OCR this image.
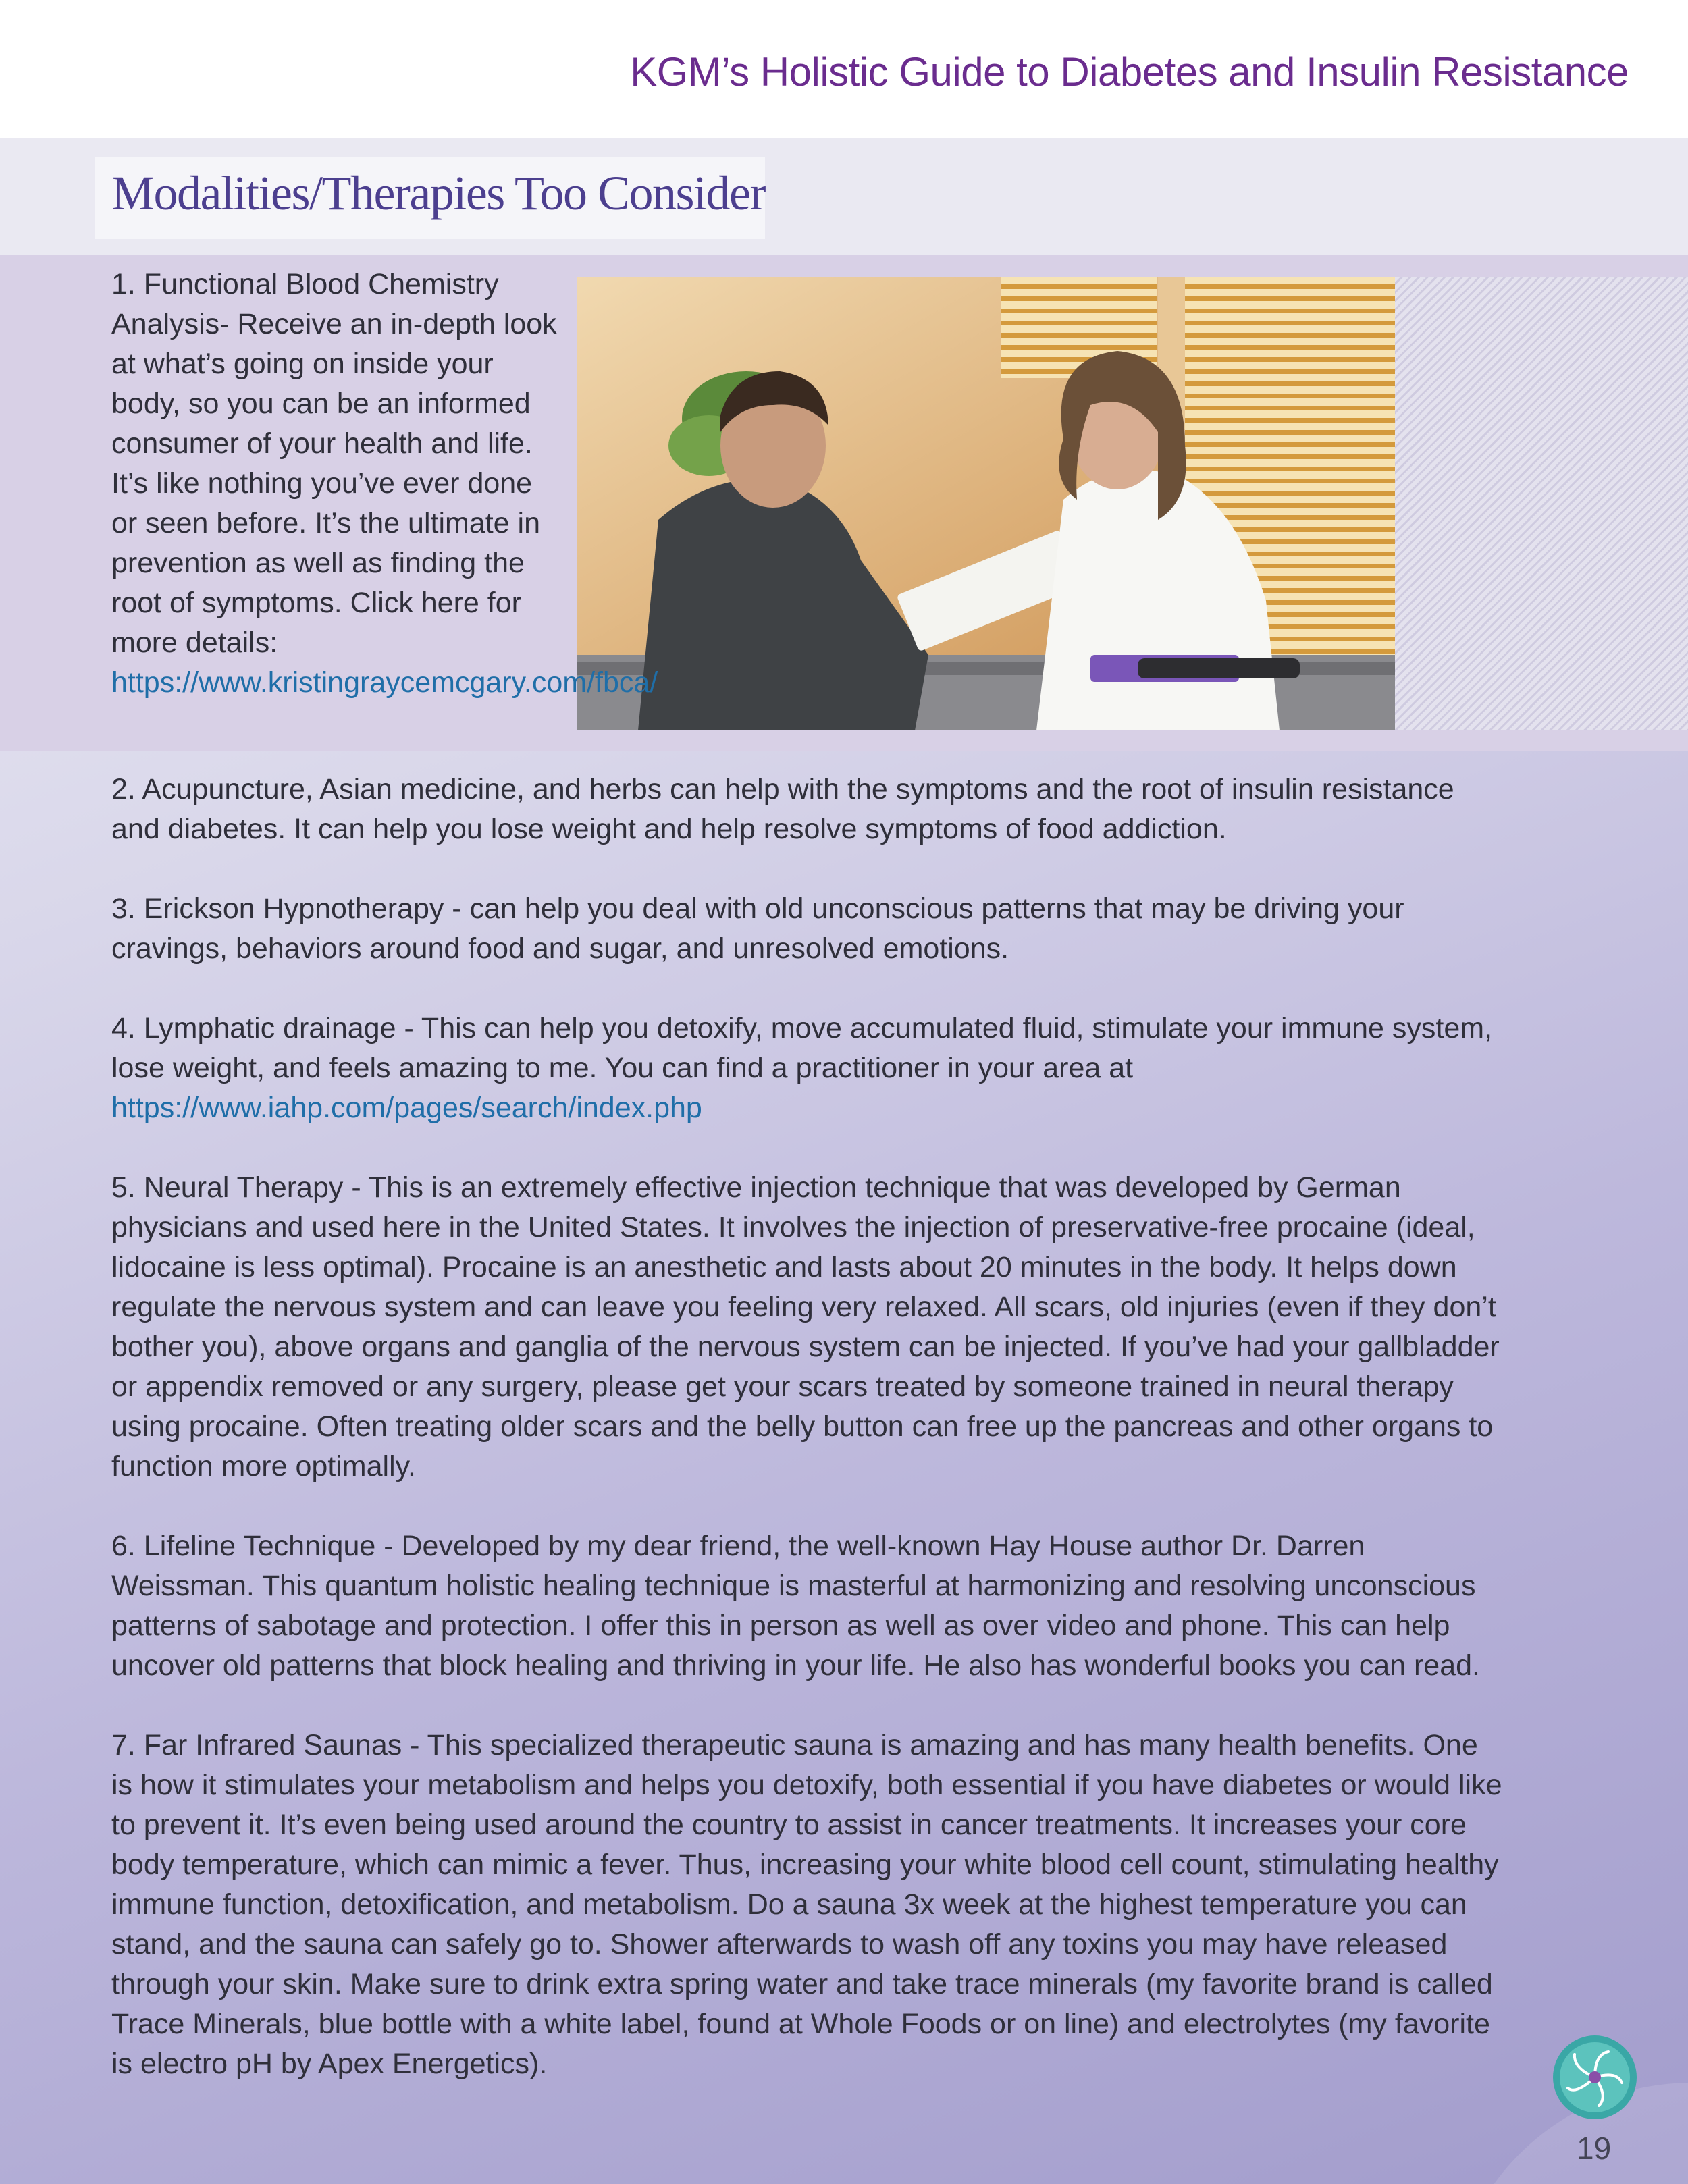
KGM’s Holistic Guide to Diabetes and Insulin Resistance
Modalities/Therapies Too Consider

1. Functional Blood Chemistry Analysis- Receive an in-depth look at what’s going on inside your body, so you can be an informed consumer of your health and life. It’s like nothing you’ve ever done or seen before. It’s the ultimate in prevention as well as finding the root of symptoms. Click here for more details: https://www.kristingraycemcgary.com/fbca/

2. Acupuncture, Asian medicine, and herbs can help with the symptoms and the root of insulin resistance and diabetes. It can help you lose weight and help resolve symptoms of food addiction.

3. Erickson Hypnotherapy - can help you deal with old unconscious patterns that may be driving your cravings, behaviors around food and sugar, and unresolved emotions.

4. Lymphatic drainage - This can help you detoxify, move accumulated fluid, stimulate your immune system, lose weight, and feels amazing to me. You can find a practitioner in your area at https://www.iahp.com/pages/search/index.php

5. Neural Therapy - This is an extremely effective injection technique that was developed by German physicians and used here in the United States. It involves the injection of preservative-free procaine (ideal, lidocaine is less optimal). Procaine is an anesthetic and lasts about 20 minutes in the body. It helps down regulate the nervous system and can leave you feeling very relaxed. All scars, old injuries (even if they don’t bother you), above organs and ganglia of the nervous system can be injected. If you’ve had your gallbladder or appendix removed or any surgery, please get your scars treated by someone trained in neural therapy using procaine. Often treating older scars and the belly button can free up the pancreas and other organs to function more optimally.

6. Lifeline Technique - Developed by my dear friend, the well-known Hay House author Dr. Darren Weissman. This quantum holistic healing technique is masterful at harmonizing and resolving unconscious patterns of sabotage and protection. I offer this in person as well as over video and phone. This can help uncover old patterns that block healing and thriving in your life. He also has wonderful books you can read.

7. Far Infrared Saunas - This specialized therapeutic sauna is amazing and has many health benefits. One is how it stimulates your metabolism and helps you detoxify, both essential if you have diabetes or would like to prevent it. It’s even being used around the country to assist in cancer treatments. It increases your core body temperature, which can mimic a fever. Thus, increasing your white blood cell count, stimulating healthy immune function, detoxification, and metabolism. Do a sauna 3x week at the highest temperature you can stand, and the sauna can safely go to. Shower afterwards to wash off any toxins you may have released through your skin. Make sure to drink extra spring water and take trace minerals (my favorite brand is called Trace Minerals, blue bottle with a white label, found at Whole Foods or on line) and electrolytes (my favorite is electro pH by Apex Energetics).

19
